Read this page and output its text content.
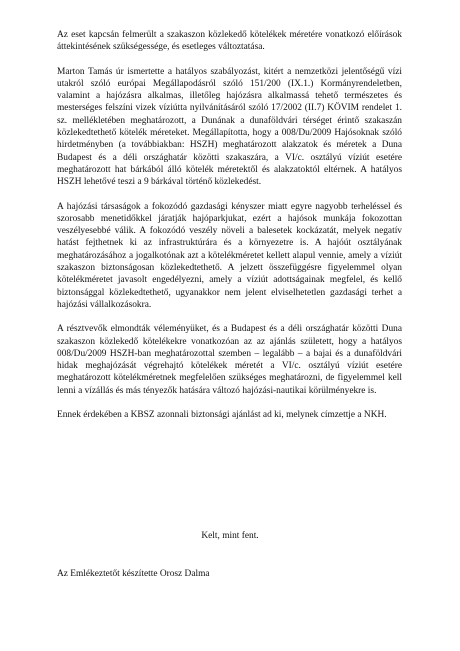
Az eset kapcsán felmerült a szakaszon közlekedő kötelékek méretére vonatkozó előírások áttekintésének szükségessége, és esetleges változtatása.

Marton Tamás úr ismertette a hatályos szabályozást, kitért a nemzetközi jelentőségű vízi utakról szóló európai Megállapodásról szóló 151/200 (IX.1.) Kormányrendeletben, valamint a hajózásra alkalmas, illetőleg hajózásra alkalmassá tehető természetes és mesterséges felszíni vizek víziútta nyilvánításáról szóló 17/2002 (II.7) KÖVIM rendelet 1. sz. mellékletében meghatározott, a Dunának a dunaföldvári térséget érintő szakaszán közlekedtethető kötelék méreteket. Megállapította, hogy a 008/Du/2009 Hajósoknak szóló hirdetményben (a továbbiakban: HSZH) meghatározott alakzatok és méretek a Duna Budapest és a déli országhatár közötti szakaszára, a VI/c. osztályú víziút esetére meghatározott hat bárkából álló kötelék méretektől és alakzatoktól eltérnek. A hatályos HSZH lehetővé teszi a 9 bárkával történő közlekedést.

A hajózási társaságok a fokozódó gazdasági kényszer miatt egyre nagyobb terheléssel és szorosabb menetidőkkel járatják hajóparkjukat, ezért a hajósok munkája fokozottan veszélyesebbé válik. A fokozódó veszély növeli a balesetek kockázatát, melyek negatív hatást fejthetnek ki az infrastruktúrára és a környezetre is. A hajóút osztályának meghatározásához a jogalkotónak azt a kötelékméretet kellett alapul vennie, amely a víziút szakaszon biztonságosan közlekedtethető. A jelzett összefüggésre figyelemmel olyan kötelékméretet javasolt engedélyezni, amely a víziút adottságainak megfelel, és kellő biztonsággal közlekedtethető, ugyanakkor nem jelent elviselhetetlen gazdasági terhet a hajózási vállalkozásokra.

A résztvevők elmondták véleményüket, és a Budapest és a déli országhatár közötti Duna szakaszon közlekedő kötelékekre vonatkozóan az az ajánlás született, hogy a hatályos 008/Du/2009 HSZH-ban meghatározottal szemben – legalább – a bajai és a dunaföldvári hidak meghajózását végrehajtó kötelékek méretét a VI/c. osztályú víziút esetére meghatározott kötelékméretnek megfelelően szükséges meghatározni, de figyelemmel kell lenni a vízállás és más tényezők hatására változó hajózási-nautikai körülményekre is.

Ennek érdekében a KBSZ azonnali biztonsági ajánlást ad ki, melynek címzettje a NKH.

Kelt, mint fent.
Az Emlékeztetőt készítette Orosz Dalma
